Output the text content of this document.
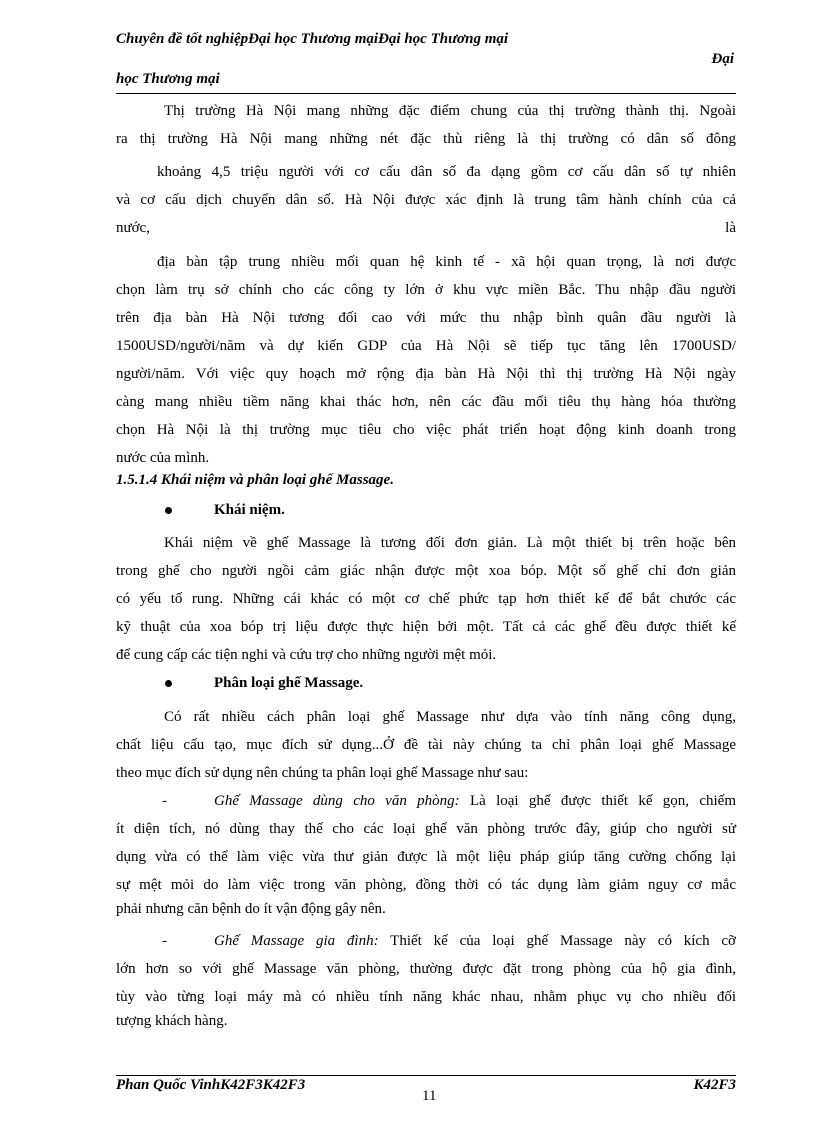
Chuyên đề tốt nghiệpĐại học Thương mạiĐại học Thương mại
Đại
học Thương mại
Thị trường Hà Nội mang những đặc điểm chung của thị trường thành thị. Ngoài
ra thị trường Hà Nội mang những nét đặc thù riêng là thị trường có dân số đông
khoảng 4,5 triệu người với cơ cấu dân số đa dạng gồm cơ cấu dân số tự nhiên
và cơ cấu dịch chuyển dân số. Hà Nội được xác định là trung tâm hành chính của cả
nước,	là
địa bàn tập trung nhiều mối quan hệ kinh tế - xã hội quan trọng, là nơi được
chọn làm trụ sở chính cho các công ty lớn ở khu vực miền Bắc. Thu nhập đầu người
trên địa bàn Hà Nội tương đối cao với mức thu nhập bình quân đầu người là
1500USD/người/năm và dự kiến GDP của Hà Nội sẽ tiếp tục tăng lên 1700USD/
người/năm. Với việc quy hoạch mở rộng địa bàn Hà Nội thì thị trường Hà Nội ngày
càng mang nhiều tiềm năng khai thác hơn, nên các đầu mối tiêu thụ hàng hóa thường
chọn Hà Nội là thị trường mục tiêu cho việc phát triển hoạt động kinh doanh trong
nước của mình.
1.5.1.4 Khái niệm và phân loại ghế Massage.
Khái niệm.
Khái niệm về ghế Massage là tương đối đơn giản. Là một thiết bị trên hoặc bên
trong ghế cho người ngồi cảm giác nhận được một xoa bóp. Một số ghế chỉ đơn giản
có yếu tố rung. Những cái khác có một cơ chế phức tạp hơn thiết kế để bắt chước các
kỹ thuật của xoa bóp trị liệu được thực hiện bởi một. Tất cả các ghế đều được thiết kế
để cung cấp các tiện nghi và cứu trợ cho những người mệt mỏi.
Phân loại ghế Massage.
Có rất nhiều cách phân loại ghế Massage như dựa vào tính năng công dụng,
chất liệu cấu tạo, mục đích sử dụng...Ở đề tài này chúng ta chỉ phân loại ghế Massage
theo mục đích sử dụng nên chúng ta phân loại ghế Massage như sau:
-	Ghế Massage dùng cho văn phòng: Là loại ghế được thiết kế gọn, chiếm
ít diện tích, nó dùng thay thế cho các loại ghế văn phòng trước đây, giúp cho người sử
dụng vừa có thể làm việc vừa thư giản được là một liệu pháp giúp tăng cường chống lại
sự mệt mỏi do làm việc trong văn phòng, đồng thời có tác dụng làm giảm nguy cơ mắc
phải nhưng căn bệnh do ít vận động gây nên.
-	Ghế Massage gia đình: Thiết kế của loại ghế Massage này có kích cỡ
lớn hơn so với ghế Massage văn phòng, thường được đặt trong phòng của hộ gia đình,
tùy vào từng loại máy mà có nhiều tính năng khác nhau, nhằm phục vụ cho nhiều đối
tượng khách hàng.
Phan Quốc VinhK42F3K42F3
11
K42F3
